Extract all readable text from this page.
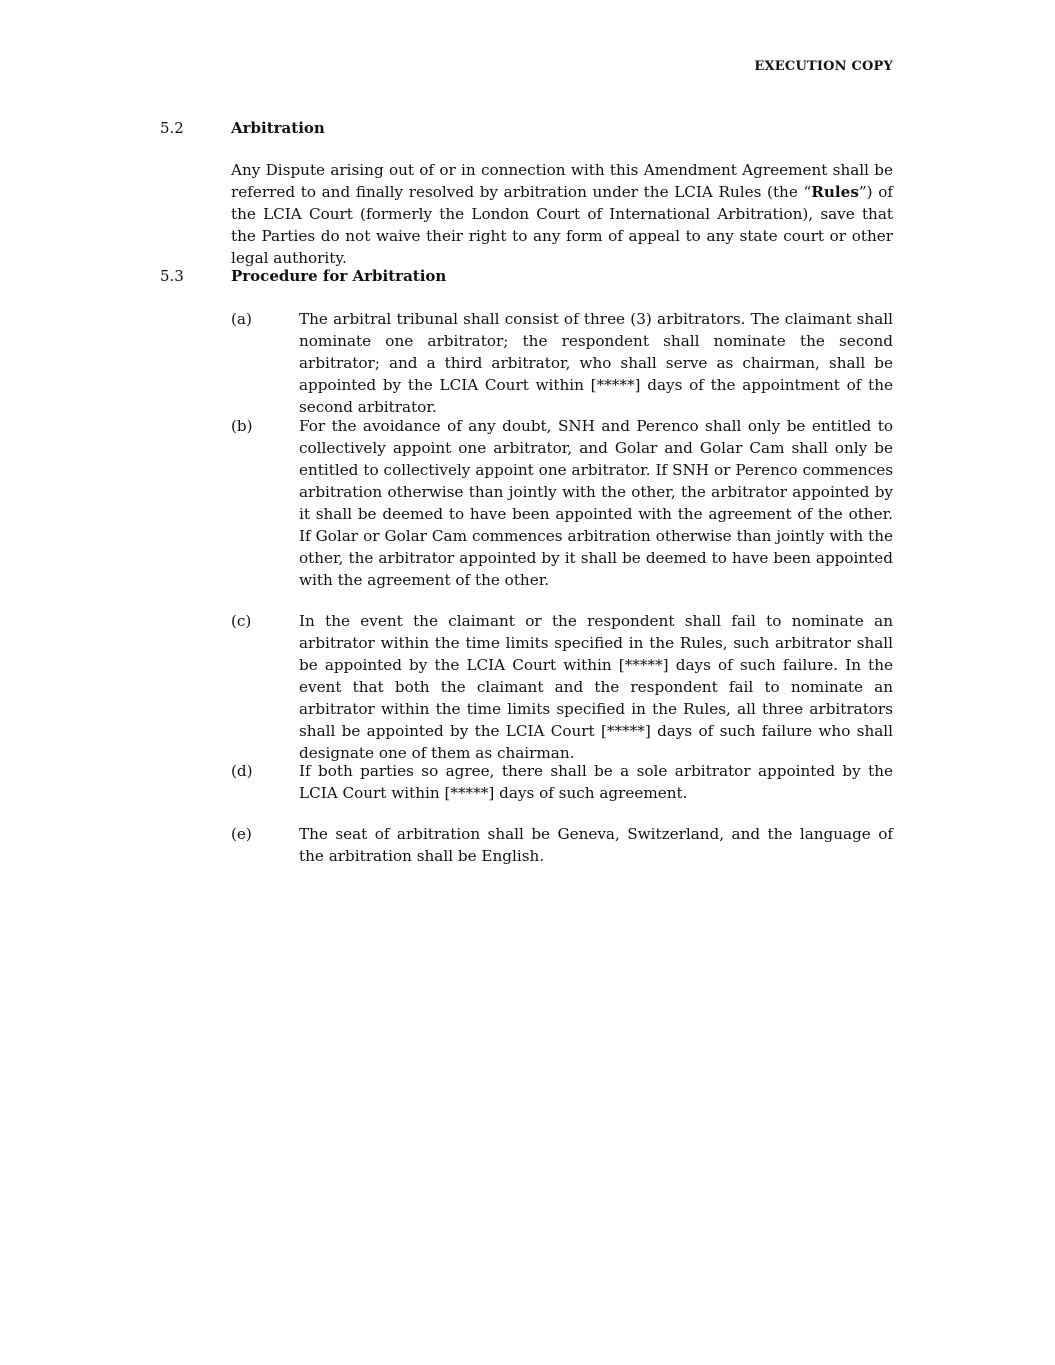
EXECUTION COPY
5.2	Arbitration

Any Dispute arising out of or in connection with this Amendment Agreement shall be referred to and finally resolved by arbitration under the LCIA Rules (the “Rules”) of the LCIA Court (formerly the London Court of International Arbitration), save that the Parties do not waive their right to any form of appeal to any state court or other legal authority.

5.3	Procedure for Arbitration
(a)	The arbitral tribunal shall consist of three (3) arbitrators. The claimant shall nominate one arbitrator; the respondent shall nominate the second arbitrator; and a third arbitrator, who shall serve as chairman, shall be appointed by the LCIA Court within [*****] days of the appointment of the second arbitrator.

(b)	For the avoidance of any doubt, SNH and Perenco shall only be entitled to collectively appoint one arbitrator, and Golar and Golar Cam shall only be entitled to collectively appoint one arbitrator. If SNH or Perenco commences arbitration otherwise than jointly with the other, the arbitrator appointed by it shall be deemed to have been appointed with the agreement of the other. If Golar or Golar Cam commences arbitration otherwise than jointly with the other, the arbitrator appointed by it shall be deemed to have been appointed with the agreement of the other.

(c)	In the event the claimant or the respondent shall fail to nominate an arbitrator within the time limits specified in the Rules, such arbitrator shall be appointed by the LCIA Court within [*****] days of such failure. In the event that both the claimant and the respondent fail to nominate an arbitrator within the time limits specified in the Rules, all three arbitrators shall be appointed by the LCIA Court [*****] days of such failure who shall designate one of them as chairman.

(d)	If both parties so agree, there shall be a sole arbitrator appointed by the LCIA Court within [*****] days of such agreement.

(e)	The seat of arbitration shall be Geneva, Switzerland, and the language of the arbitration shall be English.
